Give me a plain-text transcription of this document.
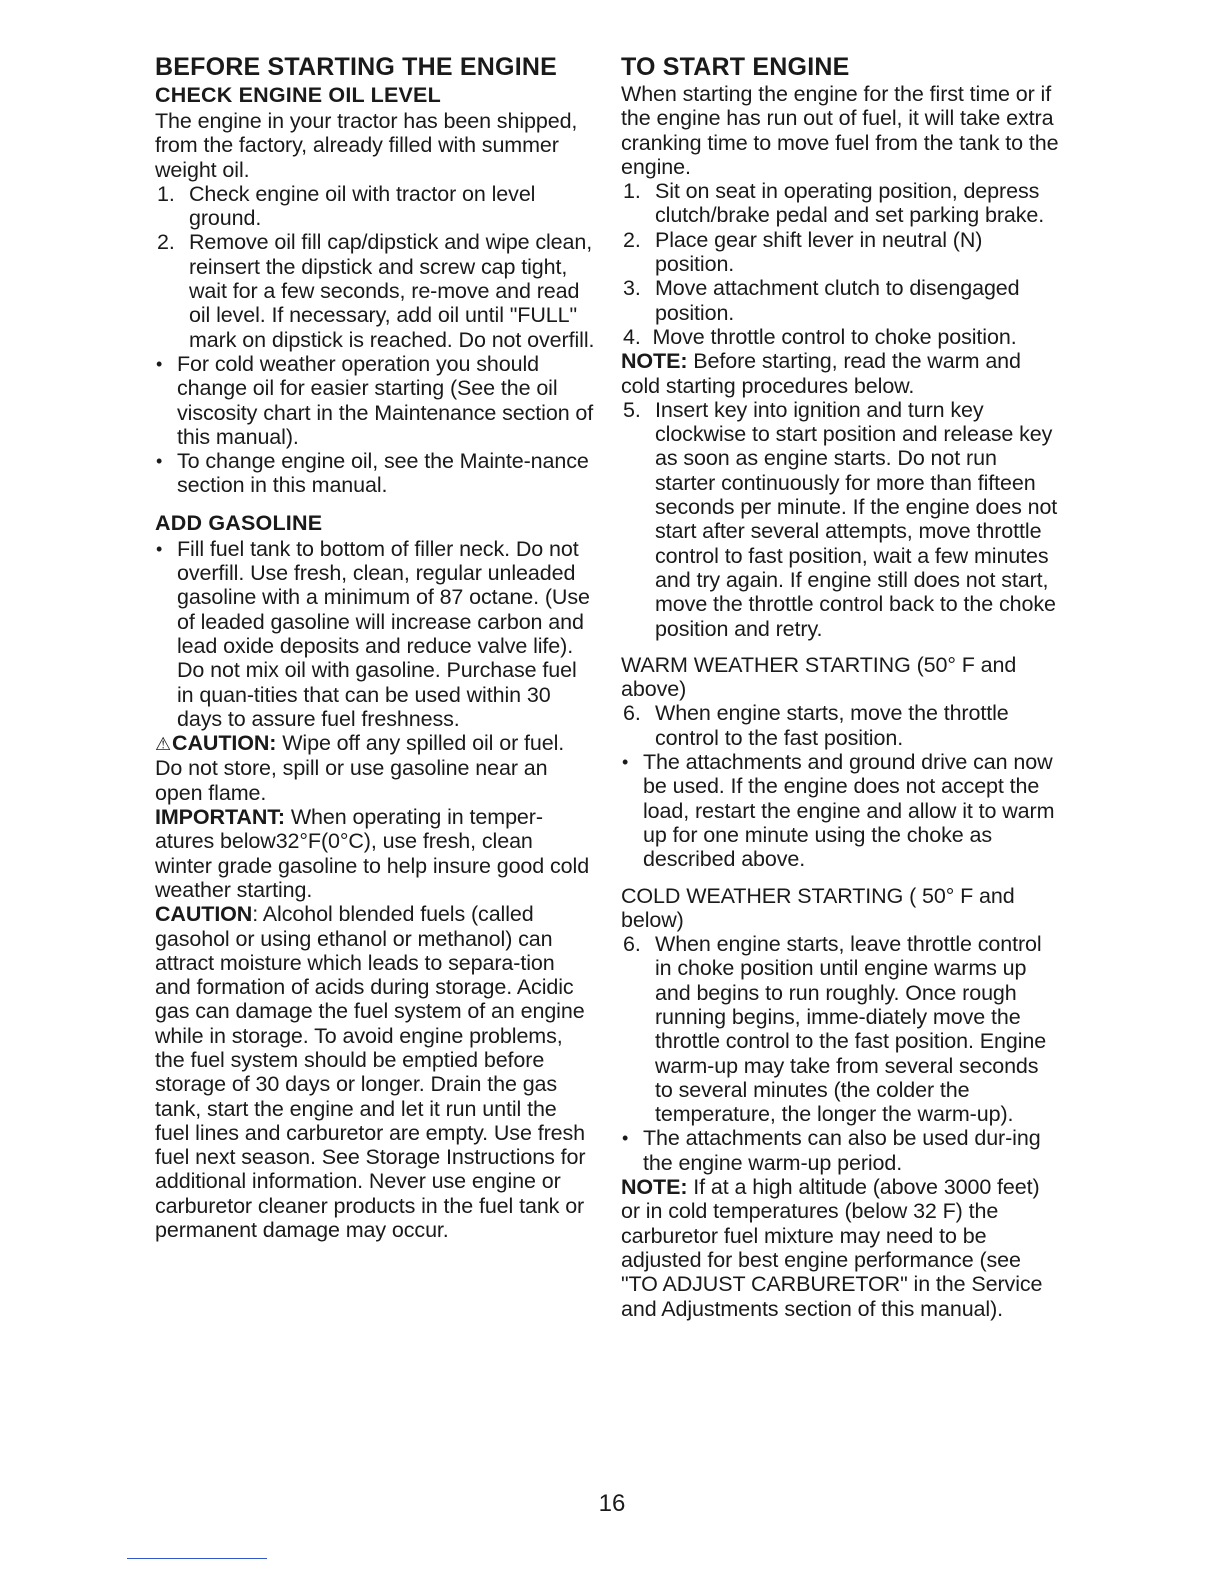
BEFORE STARTING THE ENGINE
CHECK ENGINE OIL LEVEL

The engine in your tractor has been shipped, from the factory, already filled with summer weight oil.

1. Check engine oil with tractor on level ground.
2. Remove oil fill cap/dipstick and wipe clean, reinsert the dipstick and screw cap tight, wait for a few seconds, re-move and read oil level. If necessary, add oil until "FULL" mark on dipstick is reached. Do not overfill.
• For cold weather operation you should change oil for easier starting (See the oil viscosity chart in the Maintenance section of this manual).
• To change engine oil, see the Mainte-nance section in this manual.
ADD GASOLINE
• Fill fuel tank to bottom of filler neck. Do not overfill. Use fresh, clean, regular unleaded gasoline with a minimum of 87 octane. (Use of leaded gasoline will increase carbon and lead oxide deposits and reduce valve life). Do not mix oil with gasoline. Purchase fuel in quan-tities that can be used within 30 days to assure fuel freshness.

⚠CAUTION: Wipe off any spilled oil or fuel. Do not store, spill or use gasoline near an open flame.

IMPORTANT: When operating in temper-atures below32°F(0°C), use fresh, clean winter grade gasoline to help insure good cold weather starting.

CAUTION: Alcohol blended fuels (called gasohol or using ethanol or methanol) can attract moisture which leads to separa-tion and formation of acids during storage. Acidic gas can damage the fuel system of an engine while in storage. To avoid engine problems, the fuel system should be emptied before storage of 30 days or longer. Drain the gas tank, start the engine and let it run until the fuel lines and carburetor are empty. Use fresh fuel next season. See Storage Instructions for additional information. Never use engine or carburetor cleaner products in the fuel tank or permanent damage may occur.

TO START ENGINE

When starting the engine for the first time or if the engine has run out of fuel, it will take extra cranking time to move fuel from the tank to the engine.

1. Sit on seat in operating position, depress clutch/brake pedal and set parking brake.
2. Place gear shift lever in neutral (N) position.
3. Move attachment clutch to disengaged position.
4. Move throttle control to choke position.

NOTE: Before starting, read the warm and cold starting procedures below.

5. Insert key into ignition and turn key clockwise to start position and release key as soon as engine starts. Do not run starter continuously for more than fifteen seconds per minute. If the engine does not start after several attempts, move throttle control to fast position, wait a few minutes and try again. If engine still does not start, move the throttle control back to the choke position and retry.

WARM WEATHER STARTING (50° F and above)

6. When engine starts, move the throttle control to the fast position.
• The attachments and ground drive can now be used. If the engine does not accept the load, restart the engine and allow it to warm up for one minute using the choke as described above.

COLD WEATHER STARTING ( 50° F and below)

6. When engine starts, leave throttle control in choke position until engine warms up and begins to run roughly. Once rough running begins, imme-diately move the throttle control to the fast position. Engine warm-up may take from several seconds to several minutes (the colder the temperature, the longer the warm-up).
• The attachments can also be used dur-ing the engine warm-up period.

NOTE: If at a high altitude (above 3000 feet) or in cold temperatures (below 32 F) the carburetor fuel mixture may need to be adjusted for best engine performance (see "TO ADJUST CARBURETOR" in the Service and Adjustments section of this manual).

16
